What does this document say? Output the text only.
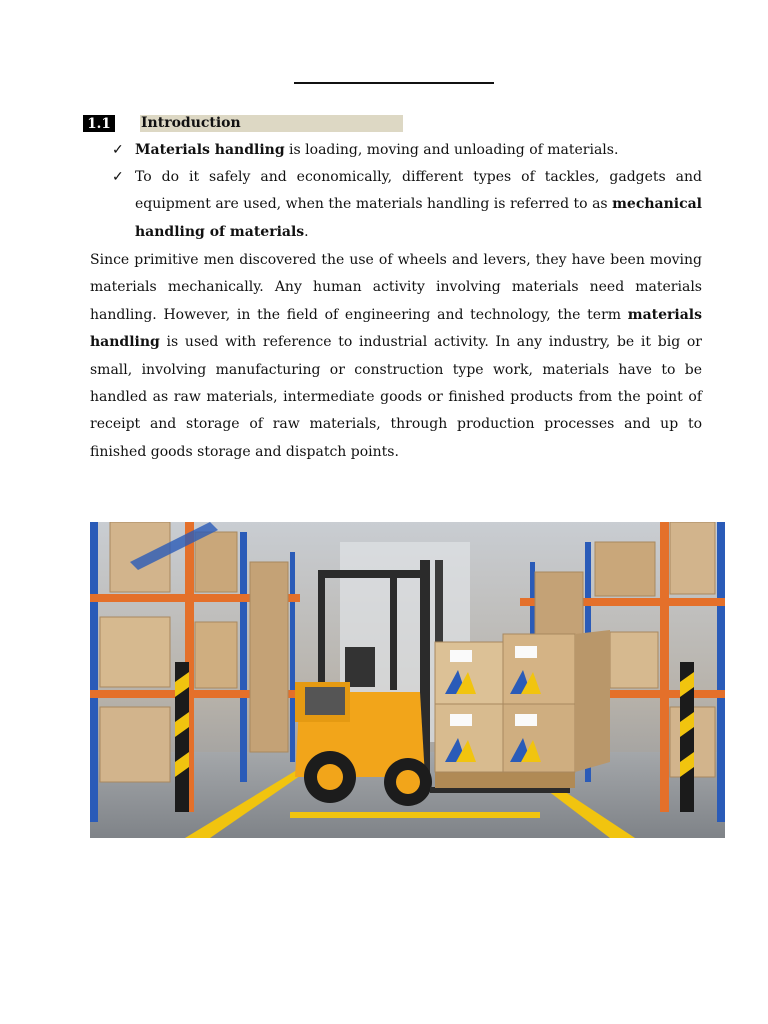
1.1	Introduction
✓ Materials handling is loading, moving and unloading of materials.
✓ To do it safely and economically, different types of tackles, gadgets and equipment are used, when the materials handling is referred to as mechanical handling of materials.
Since primitive men discovered the use of wheels and levers, they have been moving materials mechanically. Any human activity involving materials need materials handling. However, in the field of engineering and technology, the term materials handling is used with reference to industrial activity. In any industry, be it big or small, involving manufacturing or construction type work, materials have to be handled as raw materials, intermediate goods or finished products from the point of receipt and storage of raw materials, through production processes and up to finished goods storage and dispatch points.
